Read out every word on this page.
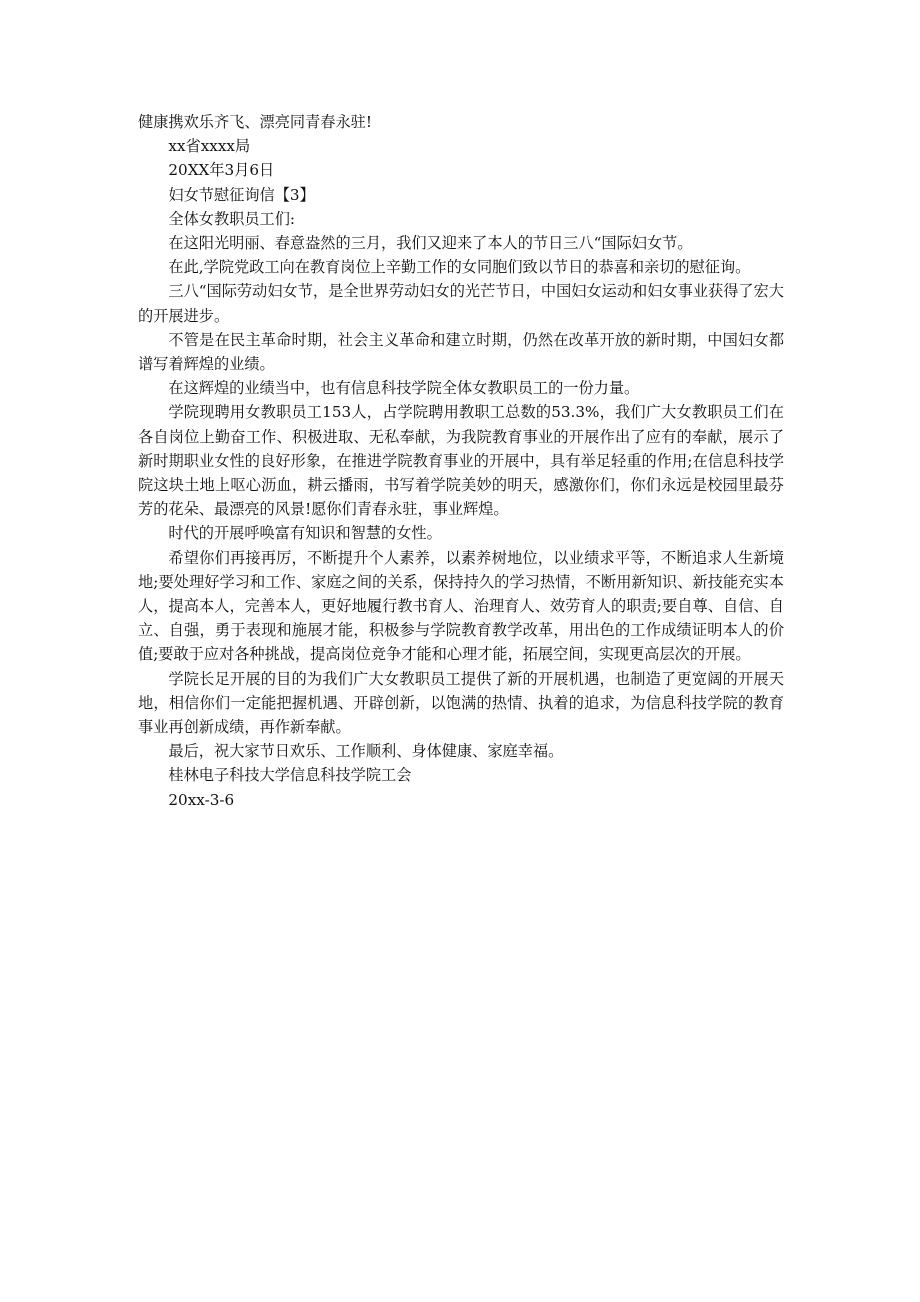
健康携欢乐齐飞、漂亮同青春永驻!

xx省xxxx局

20XX年3月6日

妇女节慰征询信【3】

全体女教职员工们:

在这阳光明丽、春意盎然的三月，我们又迎来了本人的节日三八“国际妇女节。

在此,学院党政工向在教育岗位上辛勤工作的女同胞们致以节日的恭喜和亲切的慰征询。

三八“国际劳动妇女节，是全世界劳动妇女的光芒节日，中国妇女运动和妇女事业获得了宏大的开展进步。

不管是在民主革命时期，社会主义革命和建立时期，仍然在改革开放的新时期，中国妇女都谱写着辉煌的业绩。

在这辉煌的业绩当中，也有信息科技学院全体女教职员工的一份力量。

学院现聘用女教职员工153人，占学院聘用教职工总数的53.3%，我们广大女教职员工们在各自岗位上勤奋工作、积极进取、无私奉献，为我院教育事业的开展作出了应有的奉献，展示了新时期职业女性的良好形象，在推进学院教育事业的开展中，具有举足轻重的作用;在信息科技学院这块土地上呕心沥血，耕云播雨，书写着学院美妙的明天，感激你们，你们永远是校园里最芬芳的花朵、最漂亮的风景!愿你们青春永驻，事业辉煌。

时代的开展呼唤富有知识和智慧的女性。

希望你们再接再厉，不断提升个人素养，以素养树地位，以业绩求平等，不断追求人生新境地;要处理好学习和工作、家庭之间的关系，保持持久的学习热情，不断用新知识、新技能充实本人，提高本人，完善本人，更好地履行教书育人、治理育人、效劳育人的职责;要自尊、自信、自立、自强，勇于表现和施展才能，积极参与学院教育教学改革，用出色的工作成绩证明本人的价值;要敢于应对各种挑战，提高岗位竞争才能和心理才能，拓展空间，实现更高层次的开展。

学院长足开展的目的为我们广大女教职员工提供了新的开展机遇，也制造了更宽阔的开展天地，相信你们一定能把握机遇、开辟创新，以饱满的热情、执着的追求，为信息科技学院的教育事业再创新成绩，再作新奉献。

最后，祝大家节日欢乐、工作顺利、身体健康、家庭幸福。

桂林电子科技大学信息科技学院工会

20xx-3-6
